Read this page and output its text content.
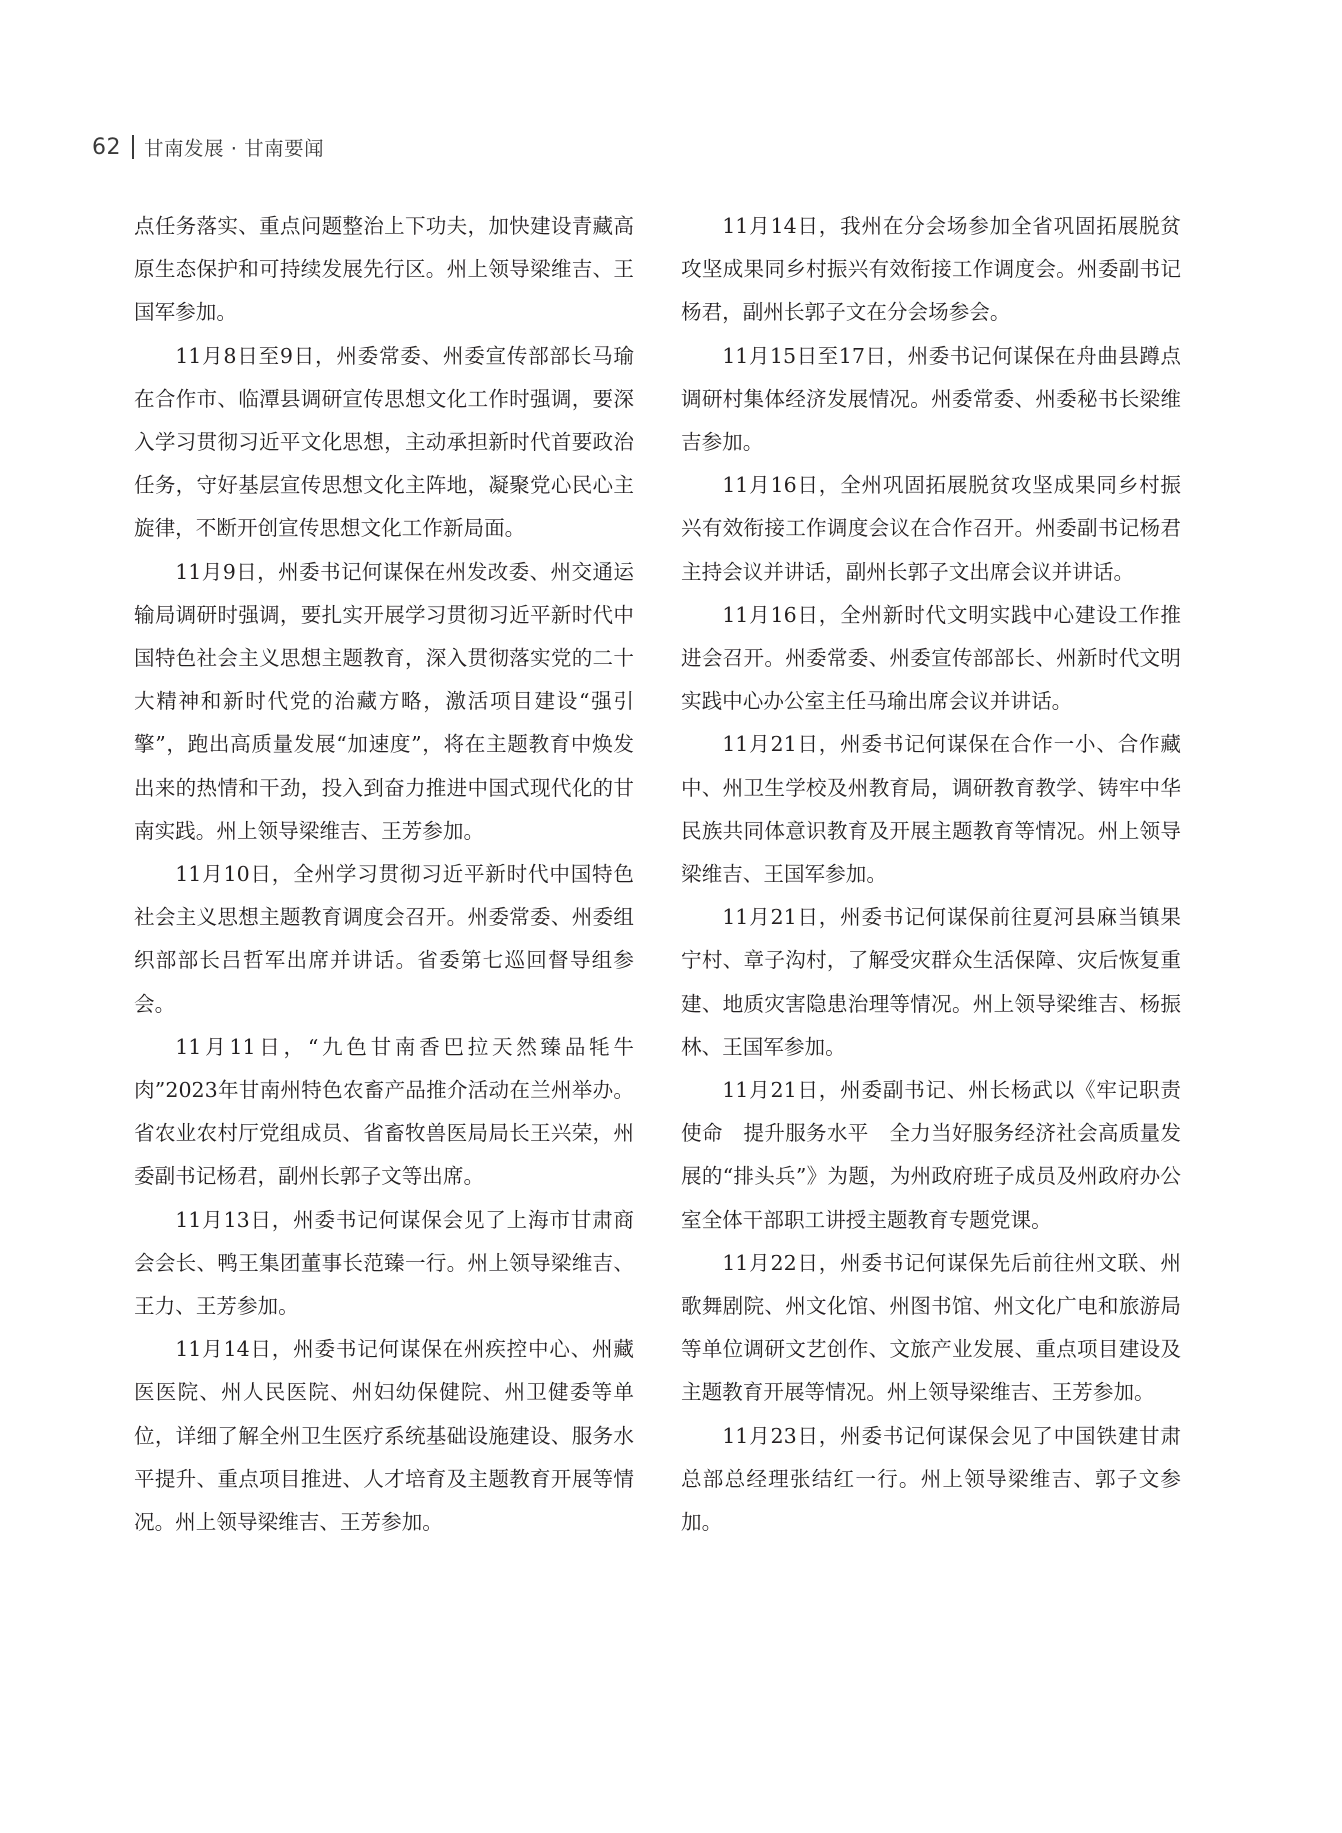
62 甘南发展 · 甘南要闻

点任务落实、重点问题整治上下功夫，加快建设青藏高原生态保护和可持续发展先行区。州上领导梁维吉、王国军参加。

11月8日至9日，州委常委、州委宣传部部长马瑜在合作市、临潭县调研宣传思想文化工作时强调，要深入学习贯彻习近平文化思想，主动承担新时代首要政治任务，守好基层宣传思想文化主阵地，凝聚党心民心主旋律，不断开创宣传思想文化工作新局面。

11月9日，州委书记何谋保在州发改委、州交通运输局调研时强调，要扎实开展学习贯彻习近平新时代中国特色社会主义思想主题教育，深入贯彻落实党的二十大精神和新时代党的治藏方略，激活项目建设“强引擎”，跑出高质量发展“加速度”，将在主题教育中焕发出来的热情和干劲，投入到奋力推进中国式现代化的甘南实践。州上领导梁维吉、王芳参加。

11月10日，全州学习贯彻习近平新时代中国特色社会主义思想主题教育调度会召开。州委常委、州委组织部部长吕哲军出席并讲话。省委第七巡回督导组参会。

11月11日，“九色甘南香巴拉天然臻品牦牛肉”2023年甘南州特色农畜产品推介活动在兰州举办。省农业农村厅党组成员、省畜牧兽医局局长王兴荣，州委副书记杨君，副州长郭子文等出席。

11月13日，州委书记何谋保会见了上海市甘肃商会会长、鸭王集团董事长范臻一行。州上领导梁维吉、王力、王芳参加。

11月14日，州委书记何谋保在州疾控中心、州藏医医院、州人民医院、州妇幼保健院、州卫健委等单位，详细了解全州卫生医疗系统基础设施建设、服务水平提升、重点项目推进、人才培育及主题教育开展等情况。州上领导梁维吉、王芳参加。

11月14日，我州在分会场参加全省巩固拓展脱贫攻坚成果同乡村振兴有效衔接工作调度会。州委副书记杨君，副州长郭子文在分会场参会。

11月15日至17日，州委书记何谋保在舟曲县蹲点调研村集体经济发展情况。州委常委、州委秘书长梁维吉参加。

11月16日，全州巩固拓展脱贫攻坚成果同乡村振兴有效衔接工作调度会议在合作召开。州委副书记杨君主持会议并讲话，副州长郭子文出席会议并讲话。

11月16日，全州新时代文明实践中心建设工作推进会召开。州委常委、州委宣传部部长、州新时代文明实践中心办公室主任马瑜出席会议并讲话。

11月21日，州委书记何谋保在合作一小、合作藏中、州卫生学校及州教育局，调研教育教学、铸牢中华民族共同体意识教育及开展主题教育等情况。州上领导梁维吉、王国军参加。

11月21日，州委书记何谋保前往夏河县麻当镇果宁村、章子沟村，了解受灾群众生活保障、灾后恢复重建、地质灾害隐患治理等情况。州上领导梁维吉、杨振林、王国军参加。

11月21日，州委副书记、州长杨武以《牢记职责使命　提升服务水平　全力当好服务经济社会高质量发展的“排头兵”》为题，为州政府班子成员及州政府办公室全体干部职工讲授主题教育专题党课。

11月22日，州委书记何谋保先后前往州文联、州歌舞剧院、州文化馆、州图书馆、州文化广电和旅游局等单位调研文艺创作、文旅产业发展、重点项目建设及主题教育开展等情况。州上领导梁维吉、王芳参加。

11月23日，州委书记何谋保会见了中国铁建甘肃总部总经理张结红一行。州上领导梁维吉、郭子文参加。
